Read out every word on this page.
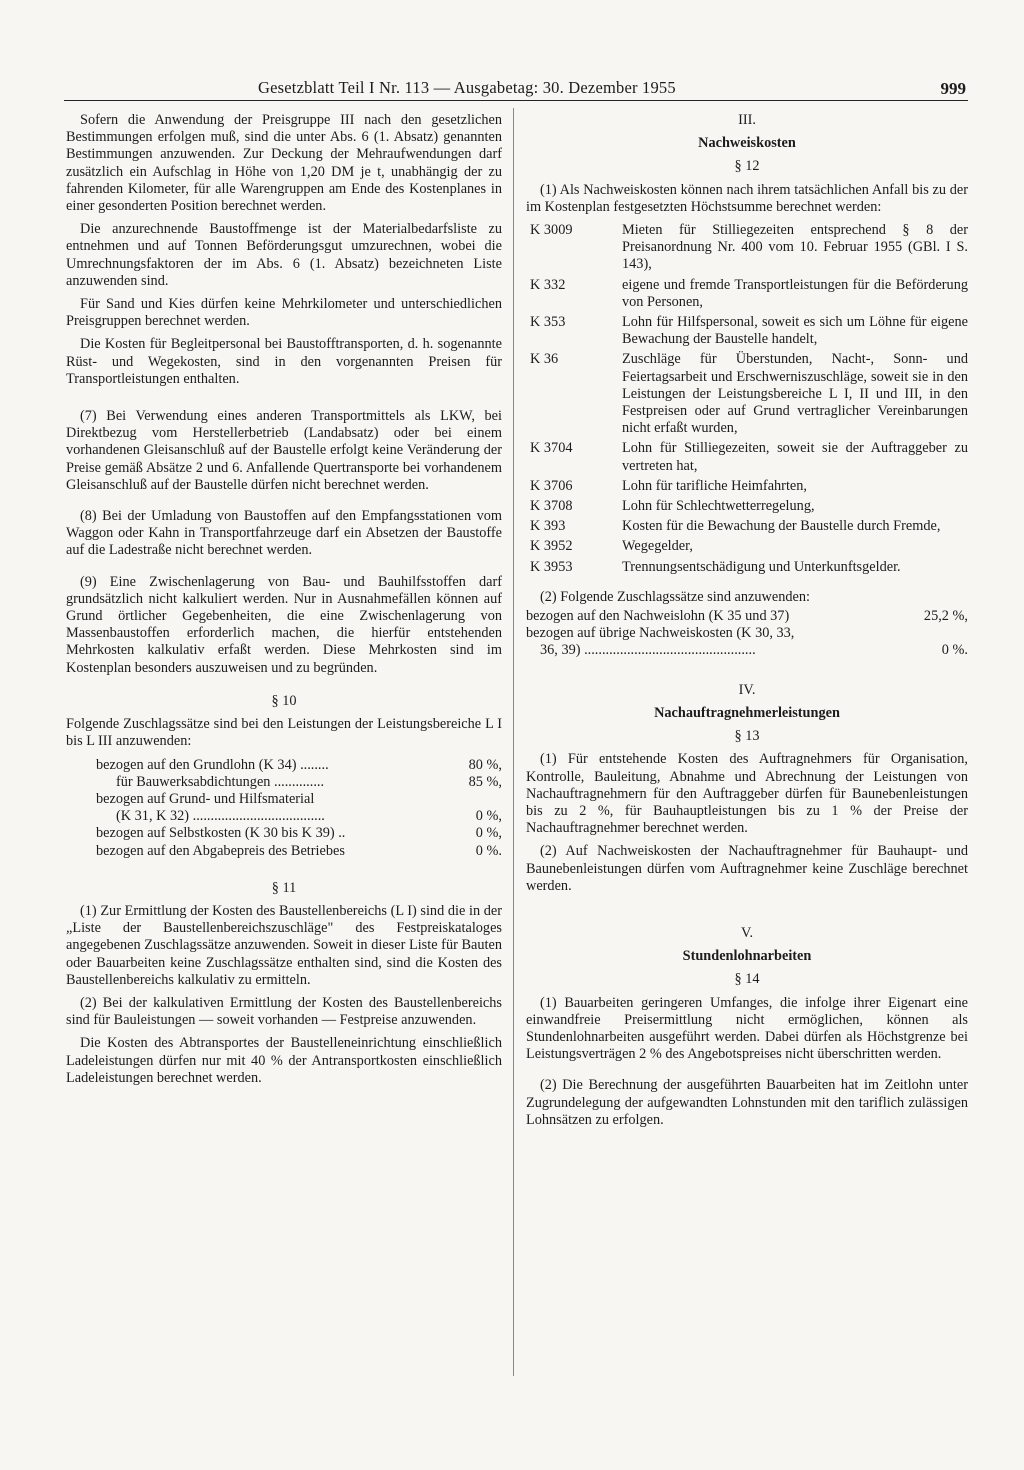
Gesetzblatt Teil I Nr. 113 — Ausgabetag: 30. Dezember 1955	999

Sofern die Anwendung der Preisgruppe III nach den gesetzlichen Bestimmungen erfolgen muß, sind die unter Abs. 6 (1. Absatz) genannten Bestimmungen anzuwenden. Zur Deckung der Mehraufwendungen darf zusätzlich ein Aufschlag in Höhe von 1,20 DM je t, unabhängig der zu fahrenden Kilometer, für alle Warengruppen am Ende des Kostenplanes in einer gesonderten Position berechnet werden.

Die anzurechnende Baustoffmenge ist der Materialbedarfsliste zu entnehmen und auf Tonnen Beförderungsgut umzurechnen, wobei die Umrechnungsfaktoren der im Abs. 6 (1. Absatz) bezeichneten Liste anzuwenden sind.

Für Sand und Kies dürfen keine Mehrkilometer und unterschiedlichen Preisgruppen berechnet werden.

Die Kosten für Begleitpersonal bei Baustofftransporten, d. h. sogenannte Rüst- und Wegekosten, sind in den vorgenannten Preisen für Transportleistungen enthalten.

(7) Bei Verwendung eines anderen Transportmittels als LKW, bei Direktbezug vom Herstellerbetrieb (Landabsatz) oder bei einem vorhandenen Gleisanschluß auf der Baustelle erfolgt keine Veränderung der Preise gemäß Absätze 2 und 6. Anfallende Quertransporte bei vorhandenem Gleisanschluß auf der Baustelle dürfen nicht berechnet werden.

(8) Bei der Umladung von Baustoffen auf den Empfangsstationen vom Waggon oder Kahn in Transportfahrzeuge darf ein Absetzen der Baustoffe auf die Ladestraße nicht berechnet werden.

(9) Eine Zwischenlagerung von Bau- und Bauhilfsstoffen darf grundsätzlich nicht kalkuliert werden. Nur in Ausnahmefällen können auf Grund örtlicher Gegebenheiten, die eine Zwischenlagerung von Massenbaustoffen erforderlich machen, die hierfür entstehenden Mehrkosten kalkulativ erfaßt werden. Diese Mehrkosten sind im Kostenplan besonders auszuweisen und zu begründen.

§ 10

Folgende Zuschlagssätze sind bei den Leistungen der Leistungsbereiche L I bis L III anzuwenden:

bezogen auf den Grundlohn (K 34) ........	80 %,
für Bauwerksabdichtungen ..............	85 %,
bezogen auf Grund- und Hilfsmaterial
(K 31, K 32) .....................................	0 %,
bezogen auf Selbstkosten (K 30 bis K 39) ..	0 %,
bezogen auf den Abgabepreis des Betriebes	0 %.
§ 11

(1) Zur Ermittlung der Kosten des Baustellenbereichs (L I) sind die in der „Liste der Baustellenbereichszuschläge" des Festpreiskataloges angegebenen Zuschlagssätze anzuwenden. Soweit in dieser Liste für Bauten oder Bauarbeiten keine Zuschlagssätze enthalten sind, sind die Kosten des Baustellenbereichs kalkulativ zu ermitteln.

(2) Bei der kalkulativen Ermittlung der Kosten des Baustellenbereichs sind für Bauleistungen — soweit vorhanden — Festpreise anzuwenden.

Die Kosten des Abtransportes der Baustelleneinrichtung einschließlich Ladeleistungen dürfen nur mit 40 % der Antransportkosten einschließlich Ladeleistungen berechnet werden.

III.
Nachweiskosten
§ 12

(1) Als Nachweiskosten können nach ihrem tatsächlichen Anfall bis zu der im Kostenplan festgesetzten Höchstsumme berechnet werden:

K 3009	Mieten für Stilliegezeiten entsprechend § 8 der Preisanordnung Nr. 400 vom 10. Februar 1955 (GBl. I S. 143),
K 332	eigene und fremde Transportleistungen für die Beförderung von Personen,
K 353	Lohn für Hilfspersonal, soweit es sich um Löhne für eigene Bewachung der Baustelle handelt,
K 36	Zuschläge für Überstunden, Nacht-, Sonn- und Feiertagsarbeit und Erschwerniszuschläge, soweit sie in den Leistungen der Leistungsbereiche L I, II und III, in den Festpreisen oder auf Grund vertraglicher Vereinbarungen nicht erfaßt wurden,
K 3704	Lohn für Stilliegezeiten, soweit sie der Auftraggeber zu vertreten hat,
K 3706	Lohn für tarifliche Heimfahrten,
K 3708	Lohn für Schlechtwetterregelung,
K 393	Kosten für die Bewachung der Baustelle durch Fremde,
K 3952	Wegegelder,
K 3953	Trennungsentschädigung und Unterkunftsgelder.

(2) Folgende Zuschlagssätze sind anzuwenden:

bezogen auf den Nachweislohn (K 35 und 37)	25,2 %,
bezogen auf übrige Nachweiskosten (K 30, 33,
36, 39) ................................................	0 %.
IV.
Nachauftragnehmerleistungen
§ 13

(1) Für entstehende Kosten des Auftragnehmers für Organisation, Kontrolle, Bauleitung, Abnahme und Abrechnung der Leistungen von Nachauftragnehmern für den Auftraggeber dürfen für Baunebenleistungen bis zu 2 %, für Bauhauptleistungen bis zu 1 % der Preise der Nachauftragnehmer berechnet werden.

(2) Auf Nachweiskosten der Nachauftragnehmer für Bauhaupt- und Baunebenleistungen dürfen vom Auftragnehmer keine Zuschläge berechnet werden.

V.
Stundenlohnarbeiten
§ 14

(1) Bauarbeiten geringeren Umfanges, die infolge ihrer Eigenart eine einwandfreie Preisermittlung nicht ermöglichen, können als Stundenlohnarbeiten ausgeführt werden. Dabei dürfen als Höchstgrenze bei Leistungsverträgen 2 % des Angebotspreises nicht überschritten werden.

(2) Die Berechnung der ausgeführten Bauarbeiten hat im Zeitlohn unter Zugrundelegung der aufgewandten Lohnstunden mit den tariflich zulässigen Lohnsätzen zu erfolgen.
